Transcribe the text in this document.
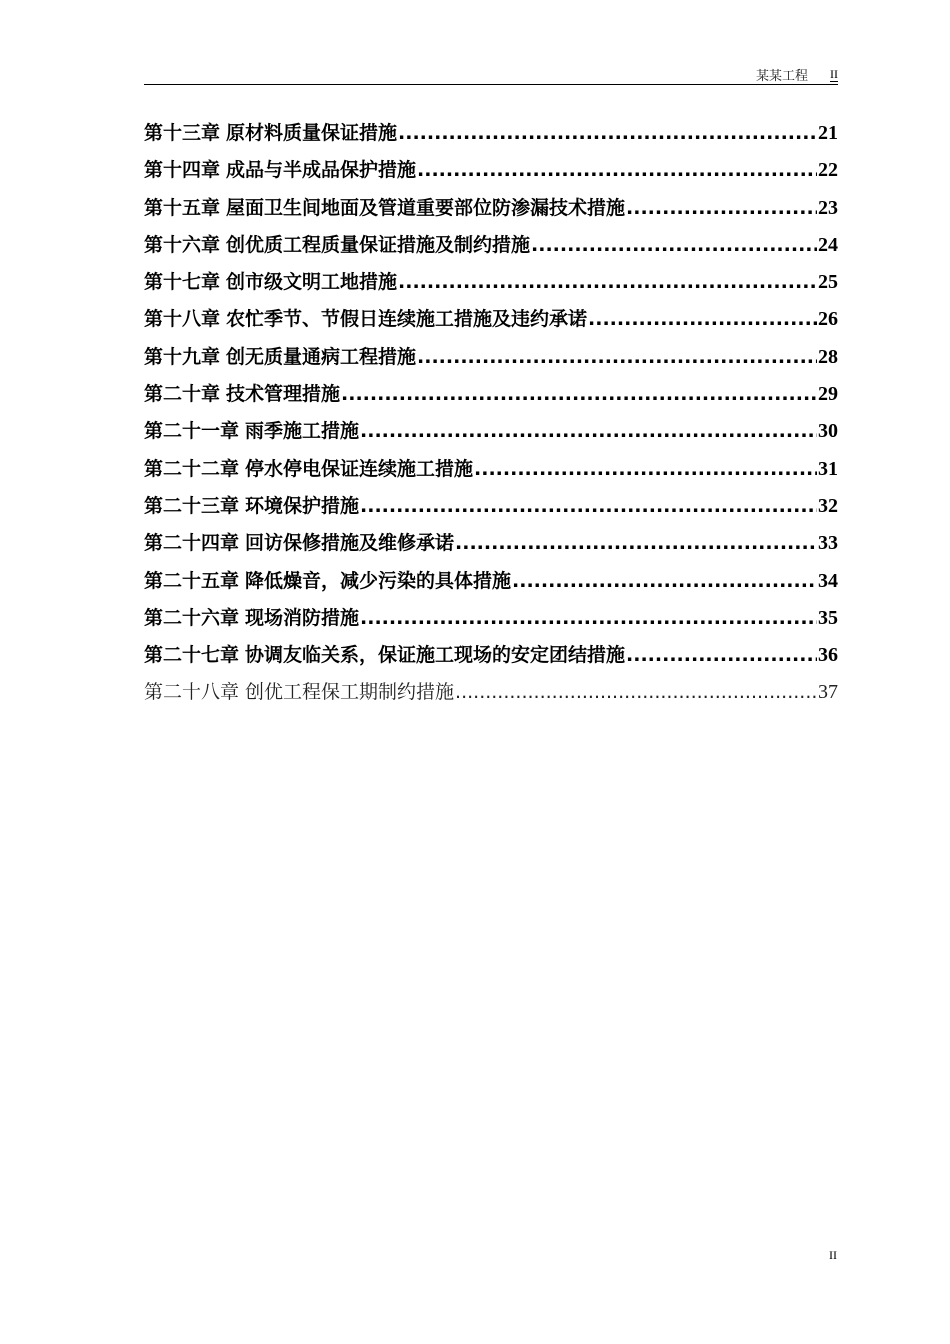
某某工程 II
第十三章 原材料质量保证措施 .....	21
第十四章 成品与半成品保护措施 .....	22
第十五章 屋面卫生间地面及管道重要部位防渗漏技术措施 .....	23
第十六章 创优质工程质量保证措施及制约措施 .....	24
第十七章 创市级文明工地措施 .....	25
第十八章 农忙季节、节假日连续施工措施及违约承诺 .....	26
第十九章 创无质量通病工程措施 .....	28
第二十章 技术管理措施 .....	29
第二十一章 雨季施工措施 .....	30
第二十二章 停水停电保证连续施工措施 .....	31
第二十三章 环境保护措施 .....	32
第二十四章 回访保修措施及维修承诺 .....	33
第二十五章 降低燥音，减少污染的具体措施 .....	34
第二十六章 现场消防措施 .....	35
第二十七章 协调友临关系，保证施工现场的安定团结措施 .....	36
第二十八章 创优工程保工期制约措施 .....	37
II
